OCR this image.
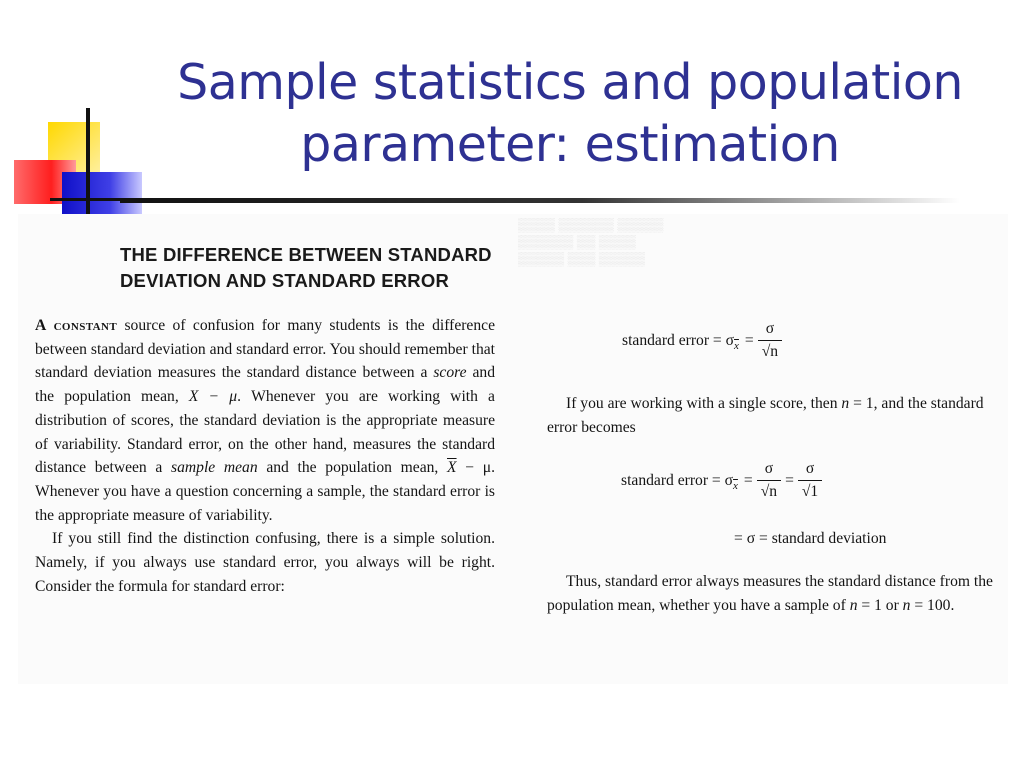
Sample statistics and population
parameter: estimation
▒▒▒▒ ▒▒▒▒▒▒ ▒▒▒▒▒
▒▒▒▒▒▒ ▒▒ ▒▒▒▒
▒▒▒▒▒ ▒▒▒ ▒▒▒▒▒
THE DIFFERENCE BETWEEN STANDARD
DEVIATION AND STANDARD ERROR

A constant source of confusion for many students is the difference between standard deviation and standard error. You should remember that standard deviation measures the standard distance between a score and the population mean, X − μ. Whenever you are working with a distribution of scores, the standard deviation is the appropriate measure of variability. Standard error, on the other hand, measures the standard distance between a sample mean and the population mean, $\overline{X} - \mu$. Whenever you have a question concerning a sample, the standard error is the appropriate measure of variability.

If you still find the distinction confusing, there is a simple solution. Namely, if you always use standard error, you always will be right. Consider the formula for standard error:

standard error = σ $\overline{x} = \frac{\sigma}{√n}$

If you are working with a single score, then n = 1, and the standard error becomes

standard error = σ $\overline{x} = \frac{\sigma}{√n} = \frac{\sigma}{√1}$
= σ = standard deviation

Thus, standard error always measures the standard distance from the population mean, whether you have a sample of n = 1 or n = 100.
